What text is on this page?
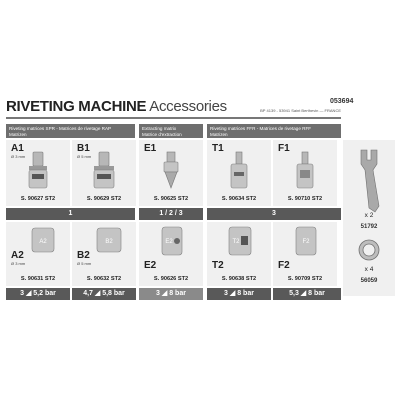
RIVETING MACHINE Accessories	053694
BP 4139 - 53941 Saint Berthevin — FRANCE
Riveting matrices SPR - Matrices de rivetage RAP
Matrizen
Extracting matrix
Matrice d'extraction
Riveting matrices FFR - Matrices de rivetage RFF
Matrizen
A1
Ø 3 mm
S. 90627 ST2
B1
Ø 5 mm
S. 90629 ST2
E1
S. 90625 ST2
T1
S. 90634 ST2
F1
S. 90710 ST2
1	1 / 2 / 3	3
A2
Ø 3 mm
A2
S. 90631 ST2
B2
Ø 5 mm
B2
S. 90632 ST2
E2
E2
S. 90626 ST2
T2
T2
S. 90638 ST2
F2
F2
S. 90709 ST2
3 ◢ 5,2 bar	4,7 ◢ 5,8 bar	3 ◢ 8 bar	3 ◢ 8 bar	5,3 ◢ 8 bar
x 2
51792
x 4
56059
